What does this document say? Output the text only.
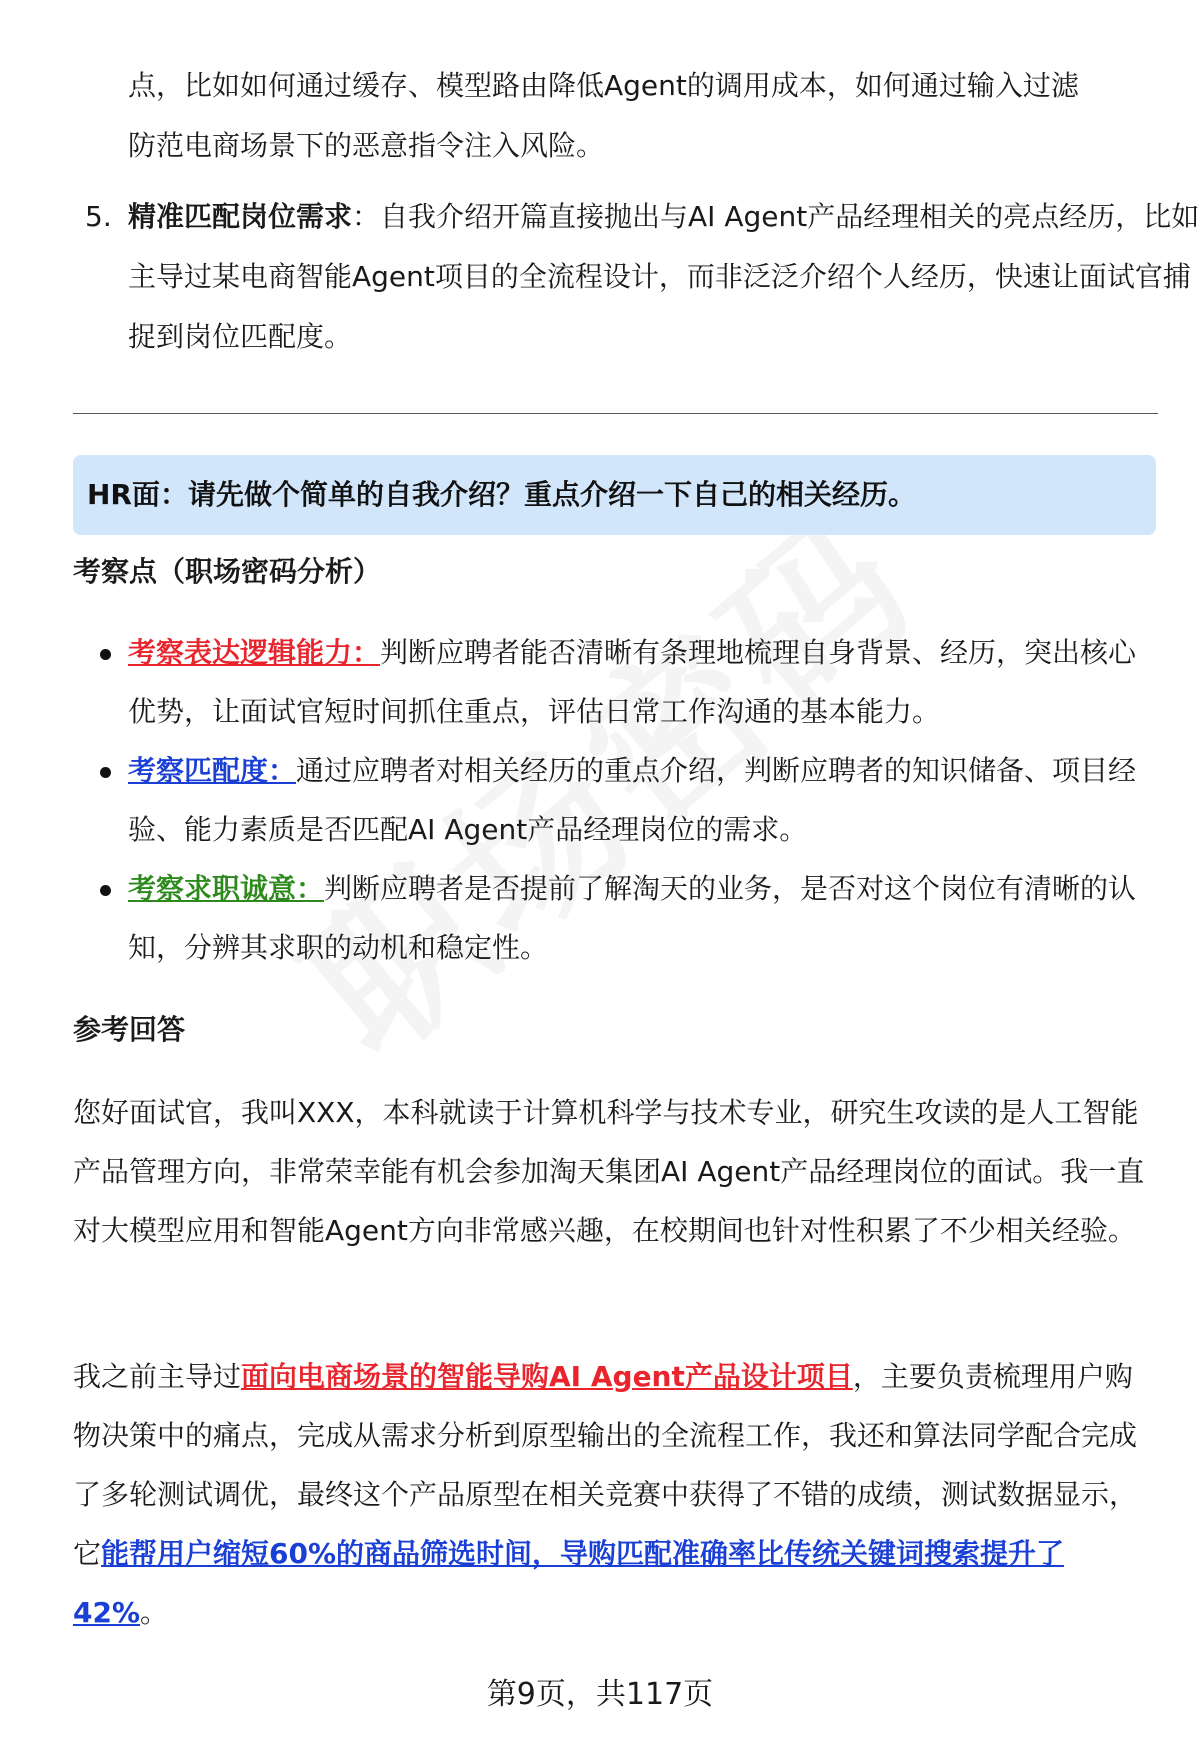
点，比如如何通过缓存、模型路由降低Agent的调用成本，如何通过输入过滤
防范电商场景下的恶意指令注入风险。
5. 精准匹配岗位需求：自我介绍开篇直接抛出与AI Agent产品经理相关的亮点经历，比如主导过某电商智能Agent项目的全流程设计，而非泛泛介绍个人经历，快速让面试官捕捉到岗位匹配度。
HR面：请先做个简单的自我介绍？重点介绍一下自己的相关经历。
考察点（职场密码分析）
考察表达逻辑能力：判断应聘者能否清晰有条理地梳理自身背景、经历，突出核心优势，让面试官短时间抓住重点，评估日常工作沟通的基本能力。
考察匹配度：通过应聘者对相关经历的重点介绍，判断应聘者的知识储备、项目经验、能力素质是否匹配AI Agent产品经理岗位的需求。
考察求职诚意：判断应聘者是否提前了解淘天的业务，是否对这个岗位有清晰的认知，分辨其求职的动机和稳定性。
参考回答
您好面试官，我叫XXX，本科就读于计算机科学与技术专业，研究生攻读的是人工智能产品管理方向，非常荣幸能有机会参加淘天集团AI Agent产品经理岗位的面试。我一直对大模型应用和智能Agent方向非常感兴趣，在校期间也针对性积累了不少相关经验。
我之前主导过面向电商场景的智能导购AI Agent产品设计项目，主要负责梳理用户购物决策中的痛点，完成从需求分析到原型输出的全流程工作，我还和算法同学配合完成了多轮测试调优，最终这个产品原型在相关竞赛中获得了不错的成绩，测试数据显示，它能帮用户缩短60%的商品筛选时间，导购匹配准确率比传统关键词搜索提升了42%。
第9页，共117页
